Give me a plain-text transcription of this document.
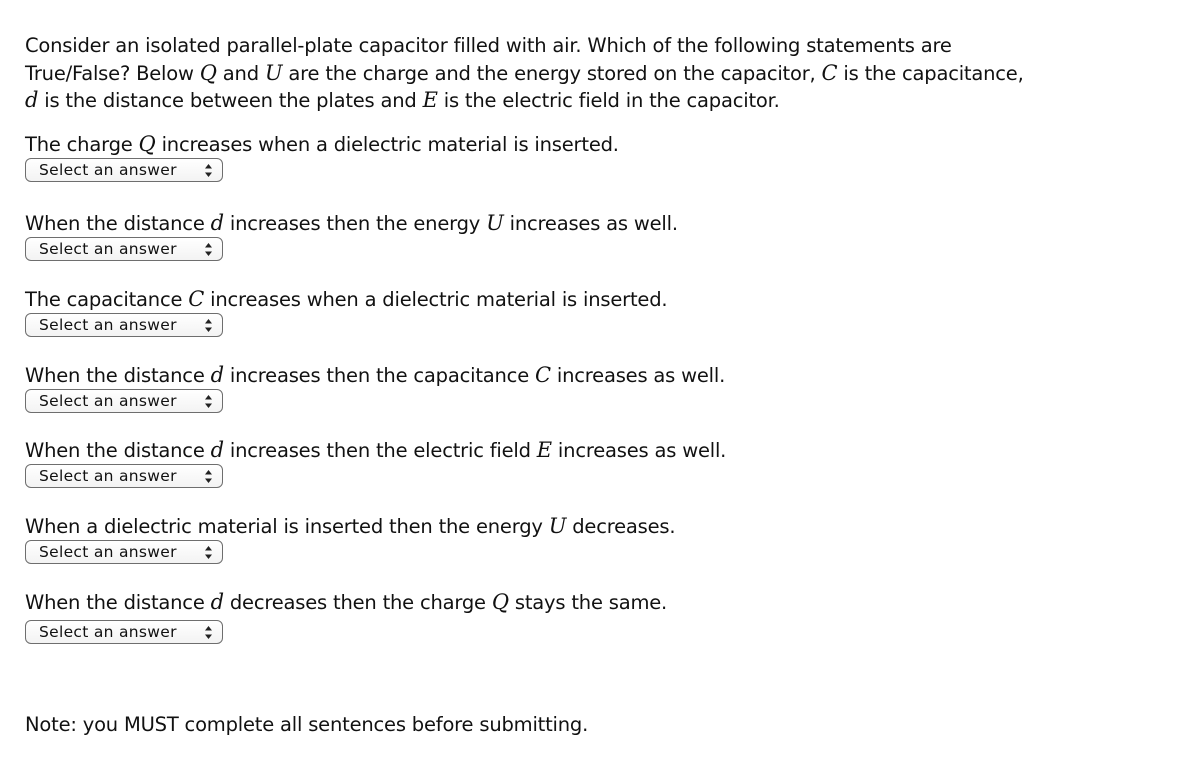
Consider an isolated parallel-plate capacitor filled with air. Which of the following statements are
True/False? Below Q and U are the charge and the energy stored on the capacitor, C is the capacitance,
d is the distance between the plates and E is the electric field in the capacitor.

The charge Q increases when a dielectric material is inserted.

Select an answer

When the distance d increases then the energy U increases as well.

Select an answer

The capacitance C increases when a dielectric material is inserted.

Select an answer

When the distance d increases then the capacitance C increases as well.

Select an answer

When the distance d increases then the electric field E increases as well.

Select an answer

When a dielectric material is inserted then the energy U decreases.

Select an answer

When the distance d decreases then the charge Q stays the same.

Select an answer

Note: you MUST complete all sentences before submitting.
